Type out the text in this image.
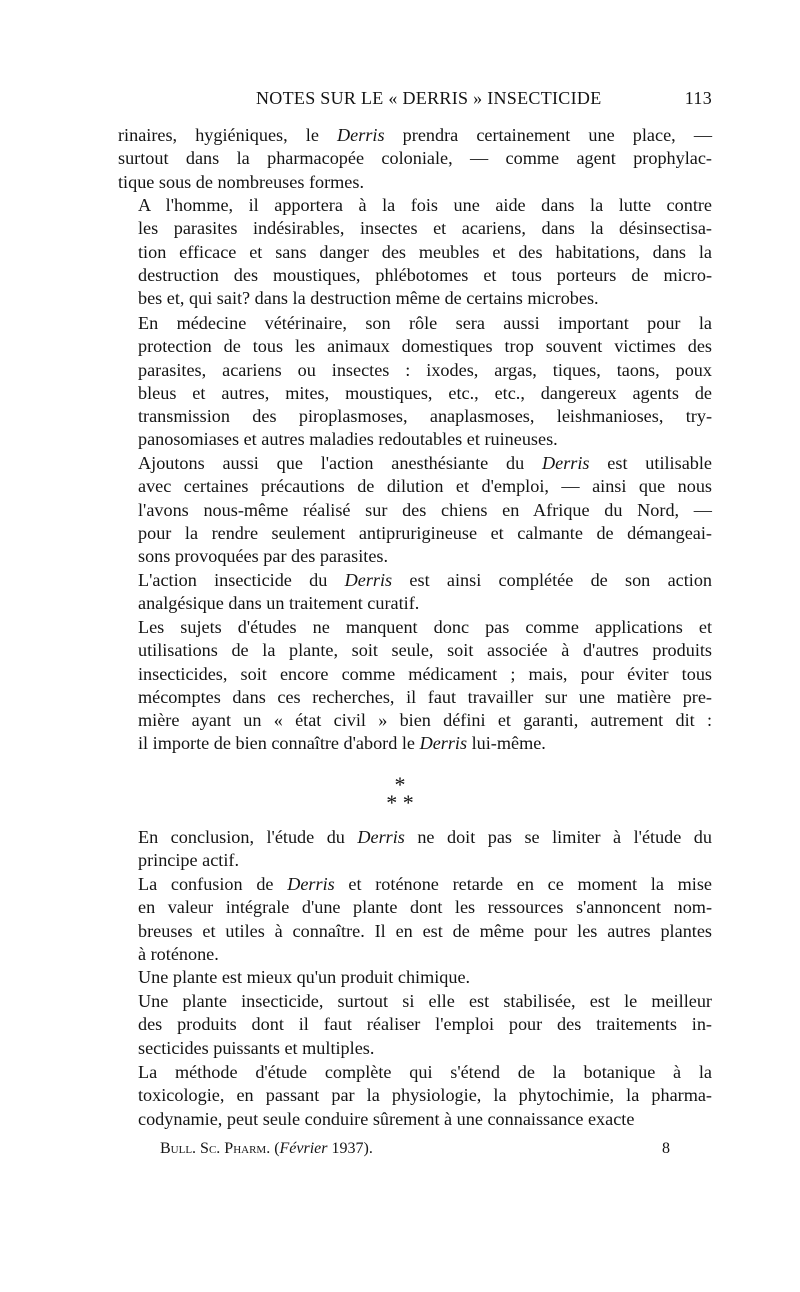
NOTES SUR LE « DERRIS » INSECTICIDE	113

rinaires, hygiéniques, le Derris prendra certainement une place, —
surtout dans la pharmacopée coloniale, — comme agent prophylac-
tique sous de nombreuses formes.

A l'homme, il apportera à la fois une aide dans la lutte contre
les parasites indésirables, insectes et acariens, dans la désinsectisa-
tion efficace et sans danger des meubles et des habitations, dans la
destruction des moustiques, phlébotomes et tous porteurs de micro-
bes et, qui sait? dans la destruction même de certains microbes.

En médecine vétérinaire, son rôle sera aussi important pour la
protection de tous les animaux domestiques trop souvent victimes des
parasites, acariens ou insectes : ixodes, argas, tiques, taons, poux
bleus et autres, mites, moustiques, etc., etc., dangereux agents de
transmission des piroplasmoses, anaplasmoses, leishmanioses, try-
panosomiases et autres maladies redoutables et ruineuses.

Ajoutons aussi que l'action anesthésiante du Derris est utilisable
avec certaines précautions de dilution et d'emploi, — ainsi que nous
l'avons nous-même réalisé sur des chiens en Afrique du Nord, —
pour la rendre seulement antiprurigineuse et calmante de démangeai-
sons provoquées par des parasites.

L'action insecticide du Derris est ainsi complétée de son action
analgésique dans un traitement curatif.

Les sujets d'études ne manquent donc pas comme applications et
utilisations de la plante, soit seule, soit associée à d'autres produits
insecticides, soit encore comme médicament ; mais, pour éviter tous
mécomptes dans ces recherches, il faut travailler sur une matière pre-
mière ayant un « état civil » bien défini et garanti, autrement dit :
il importe de bien connaître d'abord le Derris lui-même.

*
* *

En conclusion, l'étude du Derris ne doit pas se limiter à l'étude du
principe actif.

La confusion de Derris et roténone retarde en ce moment la mise
en valeur intégrale d'une plante dont les ressources s'annoncent nom-
breuses et utiles à connaître. Il en est de même pour les autres plantes
à roténone.

Une plante est mieux qu'un produit chimique.

Une plante insecticide, surtout si elle est stabilisée, est le meilleur
des produits dont il faut réaliser l'emploi pour des traitements in-
secticides puissants et multiples.

La méthode d'étude complète qui s'étend de la botanique à la
toxicologie, en passant par la physiologie, la phytochimie, la pharma-
codynamie, peut seule conduire sûrement à une connaissance exacte

Bull. Sc. Pharm. (Février 1937).	8
